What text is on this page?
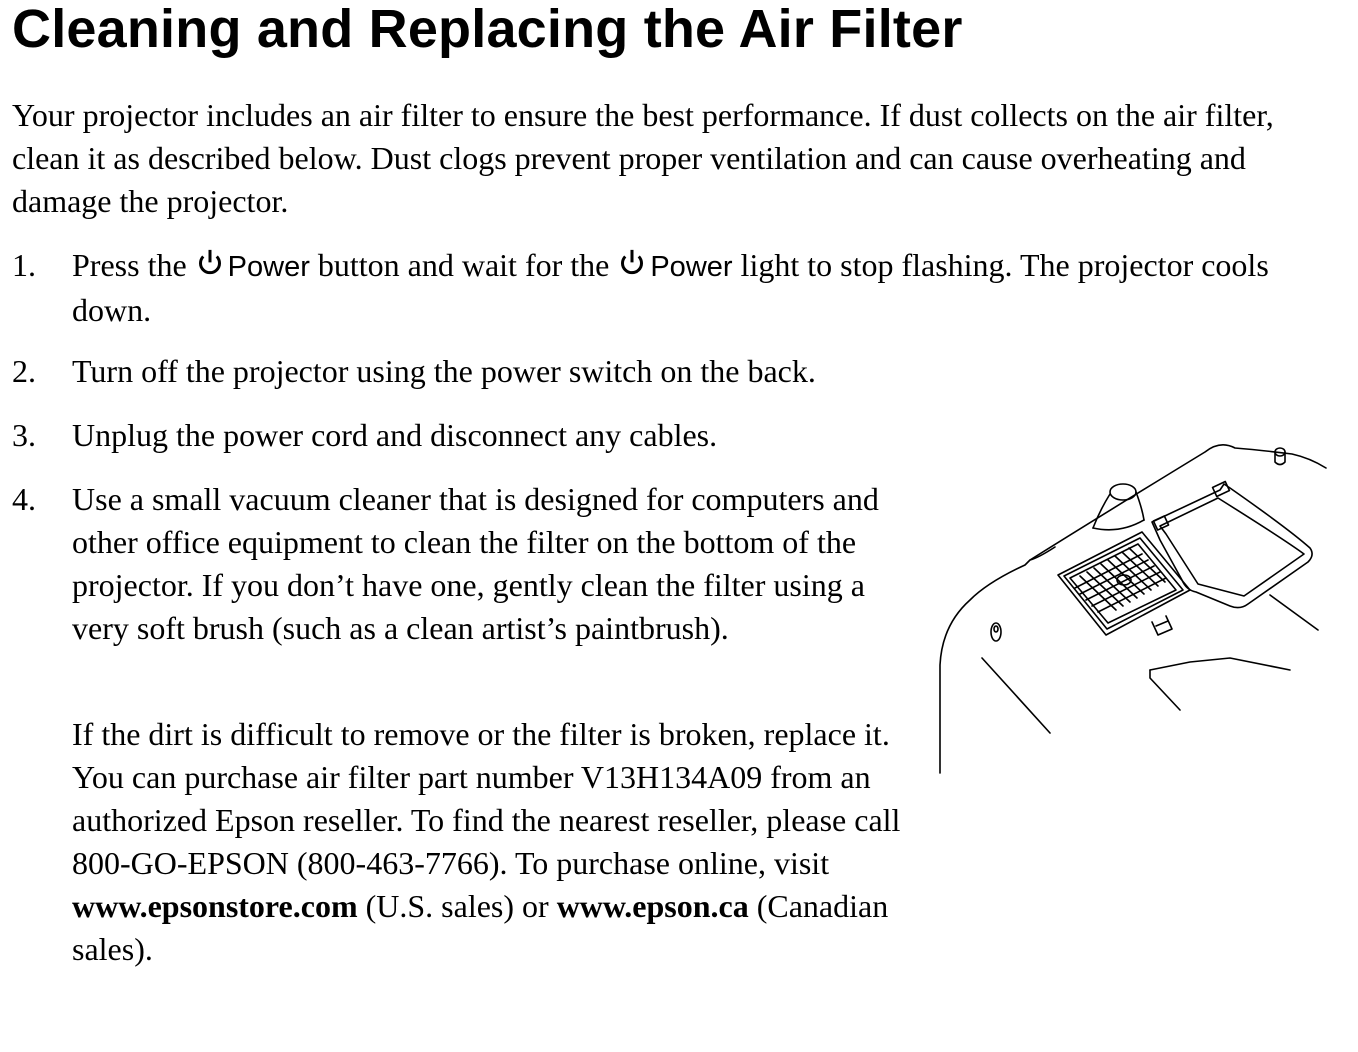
Cleaning and Replacing the Air Filter

Your projector includes an air filter to ensure the best performance. If dust collects on the air filter, clean it as described below. Dust clogs prevent proper ventilation and can cause overheating and damage the projector.

1. Press the Power button and wait for the Power light to stop flashing. The projector cools down.
2. Turn off the projector using the power switch on the back.
3. Unplug the power cord and disconnect any cables.
4. Use a small vacuum cleaner that is designed for computers and other office equipment to clean the filter on the bottom of the projector. If you don’t have one, gently clean the filter using a very soft brush (such as a clean artist’s paintbrush).

If the dirt is difficult to remove or the filter is broken, replace it. You can purchase air filter part number V13H134A09 from an authorized Epson reseller. To find the nearest reseller, please call 800-GO-EPSON (800-463-7766). To purchase online, visit www.epsonstore.com (U.S. sales) or www.epson.ca (Canadian sales).
